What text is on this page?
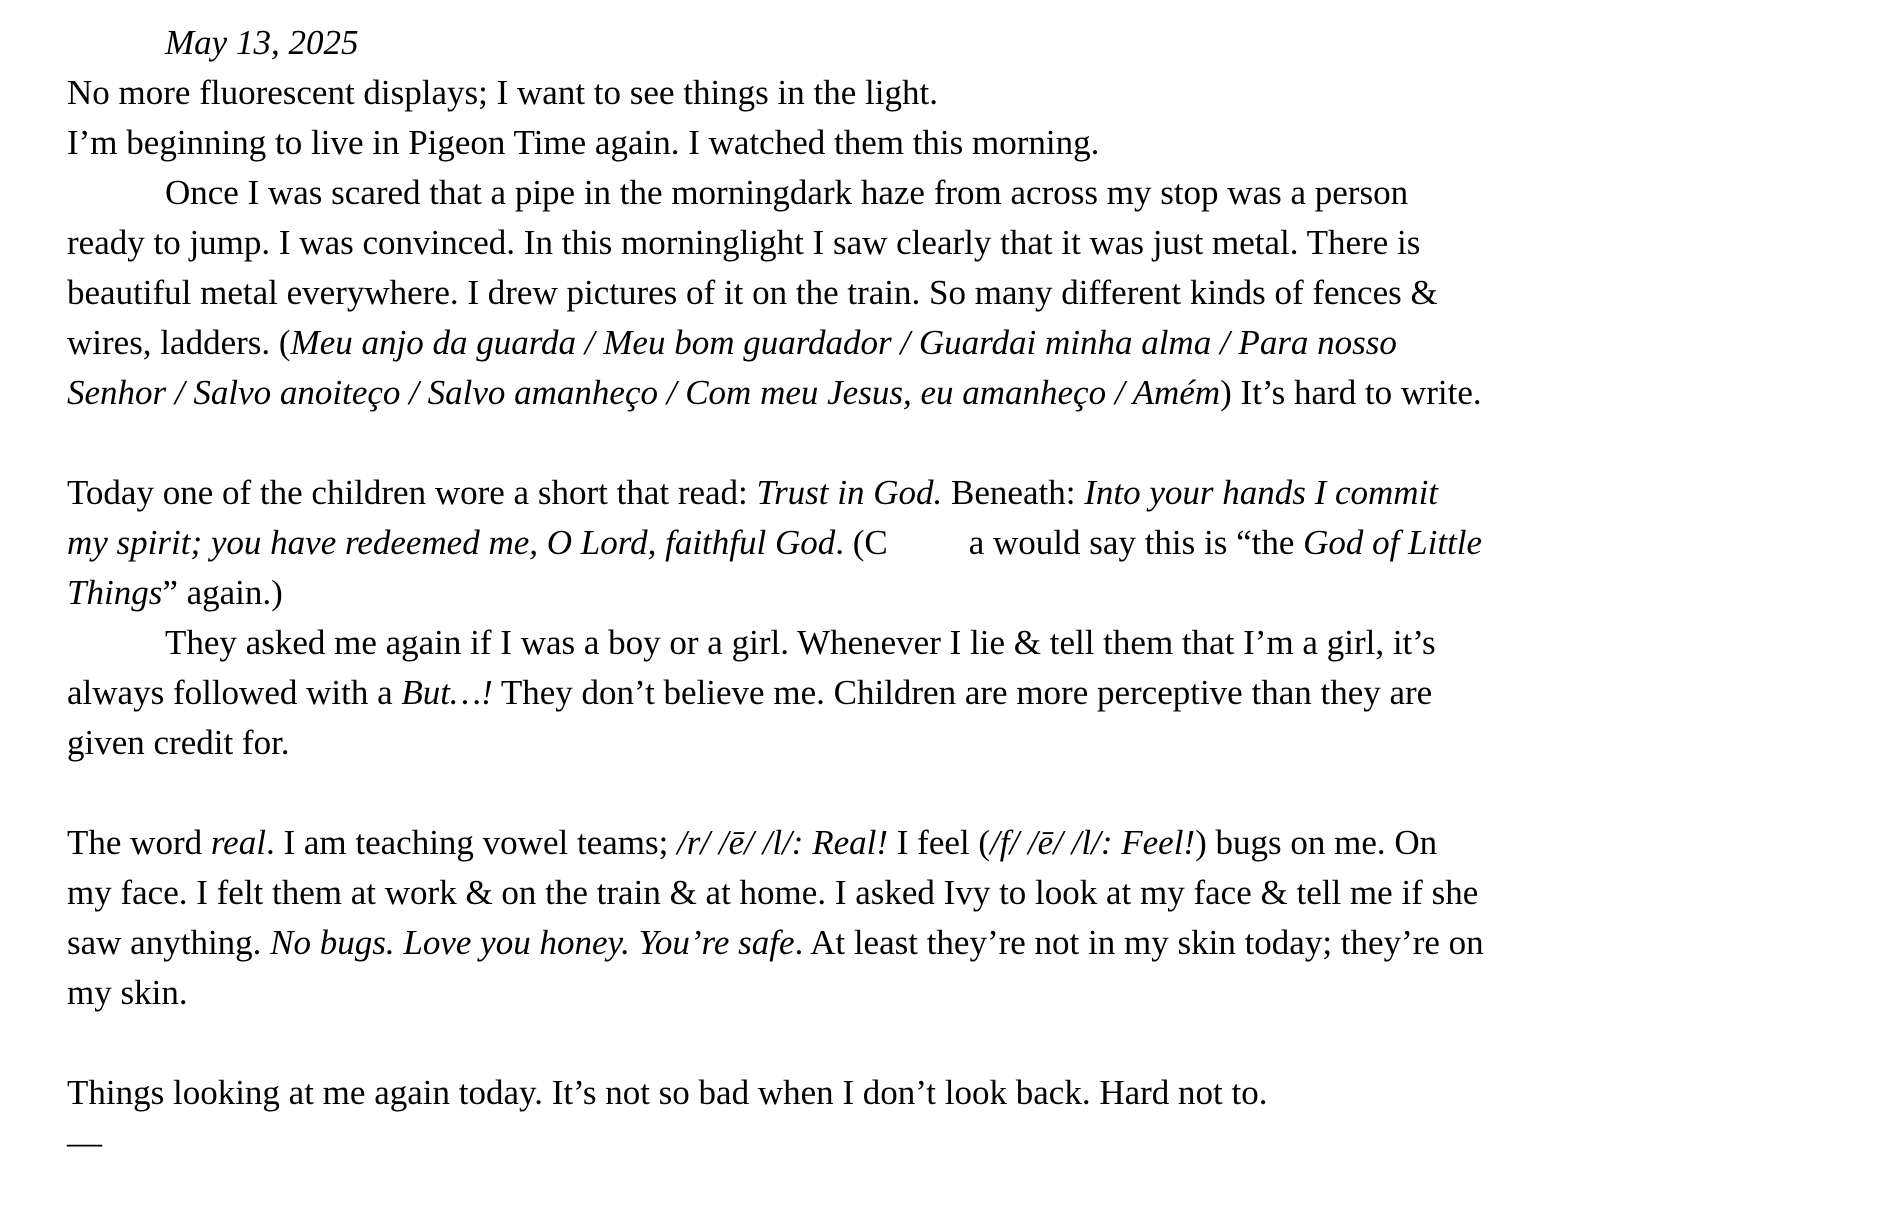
May 13, 2025

No more fluorescent displays; I want to see things in the light.

I’m beginning to live in Pigeon Time again. I watched them this morning.

Once I was scared that a pipe in the morningdark haze from across my stop was a person ready to jump. I was convinced. In this morninglight I saw clearly that it was just metal. There is beautiful metal everywhere. I drew pictures of it on the train. So many different kinds of fences & wires, ladders. (Meu anjo da guarda / Meu bom guardador / Guardai minha alma / Para nosso Senhor / Salvo anoiteço / Salvo amanheço / Com meu Jesus, eu amanheço / Amém) It’s hard to write.

Today one of the children wore a short that read: Trust in God. Beneath: Into your hands I commit my spirit; you have redeemed me, O Lord, faithful God. (C a would say this is “the God of Little Things” again.)

They asked me again if I was a boy or a girl. Whenever I lie & tell them that I’m a girl, it’s always followed with a But…! They don’t believe me. Children are more perceptive than they are given credit for.

The word real. I am teaching vowel teams; /r/ /ē/ /l/: Real! I feel (/f/ /ē/ /l/: Feel!) bugs on me. On my face. I felt them at work & on the train & at home. I asked Ivy to look at my face & tell me if she saw anything. No bugs. Love you honey. You’re safe. At least they’re not in my skin today; they’re on my skin.

Things looking at me again today. It’s not so bad when I don’t look back. Hard not to.

—
